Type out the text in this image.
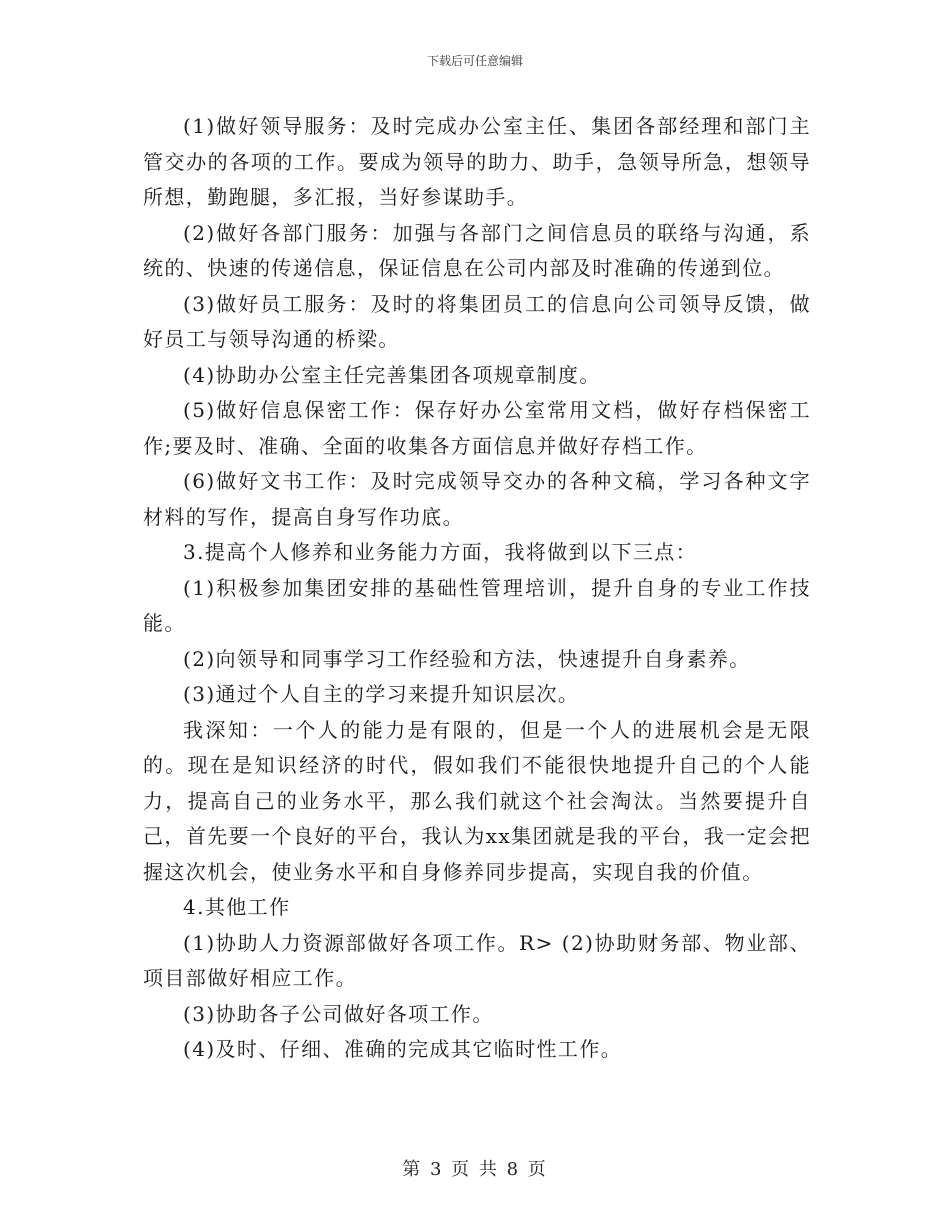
下载后可任意编辑

(1)做好领导服务：及时完成办公室主任、集团各部经理和部门主管交办的各项的工作。要成为领导的助力、助手，急领导所急，想领导所想，勤跑腿，多汇报，当好参谋助手。

(2)做好各部门服务：加强与各部门之间信息员的联络与沟通，系统的、快速的传递信息，保证信息在公司内部及时准确的传递到位。

(3)做好员工服务：及时的将集团员工的信息向公司领导反馈，做好员工与领导沟通的桥梁。

(4)协助办公室主任完善集团各项规章制度。

(5)做好信息保密工作：保存好办公室常用文档，做好存档保密工作;要及时、准确、全面的收集各方面信息并做好存档工作。

(6)做好文书工作：及时完成领导交办的各种文稿，学习各种文字材料的写作，提高自身写作功底。

3.提高个人修养和业务能力方面，我将做到以下三点：

(1)积极参加集团安排的基础性管理培训，提升自身的专业工作技能。

(2)向领导和同事学习工作经验和方法，快速提升自身素养。

(3)通过个人自主的学习来提升知识层次。

我深知：一个人的能力是有限的，但是一个人的进展机会是无限的。现在是知识经济的时代，假如我们不能很快地提升自己的个人能力，提高自己的业务水平，那么我们就这个社会淘汰。当然要提升自己，首先要一个良好的平台，我认为xx集团就是我的平台，我一定会把握这次机会，使业务水平和自身修养同步提高，实现自我的价值。

4.其他工作

(1)协助人力资源部做好各项工作。R> (2)协助财务部、物业部、项目部做好相应工作。

(3)协助各子公司做好各项工作。

(4)及时、仔细、准确的完成其它临时性工作。

第 3 页 共 8 页
